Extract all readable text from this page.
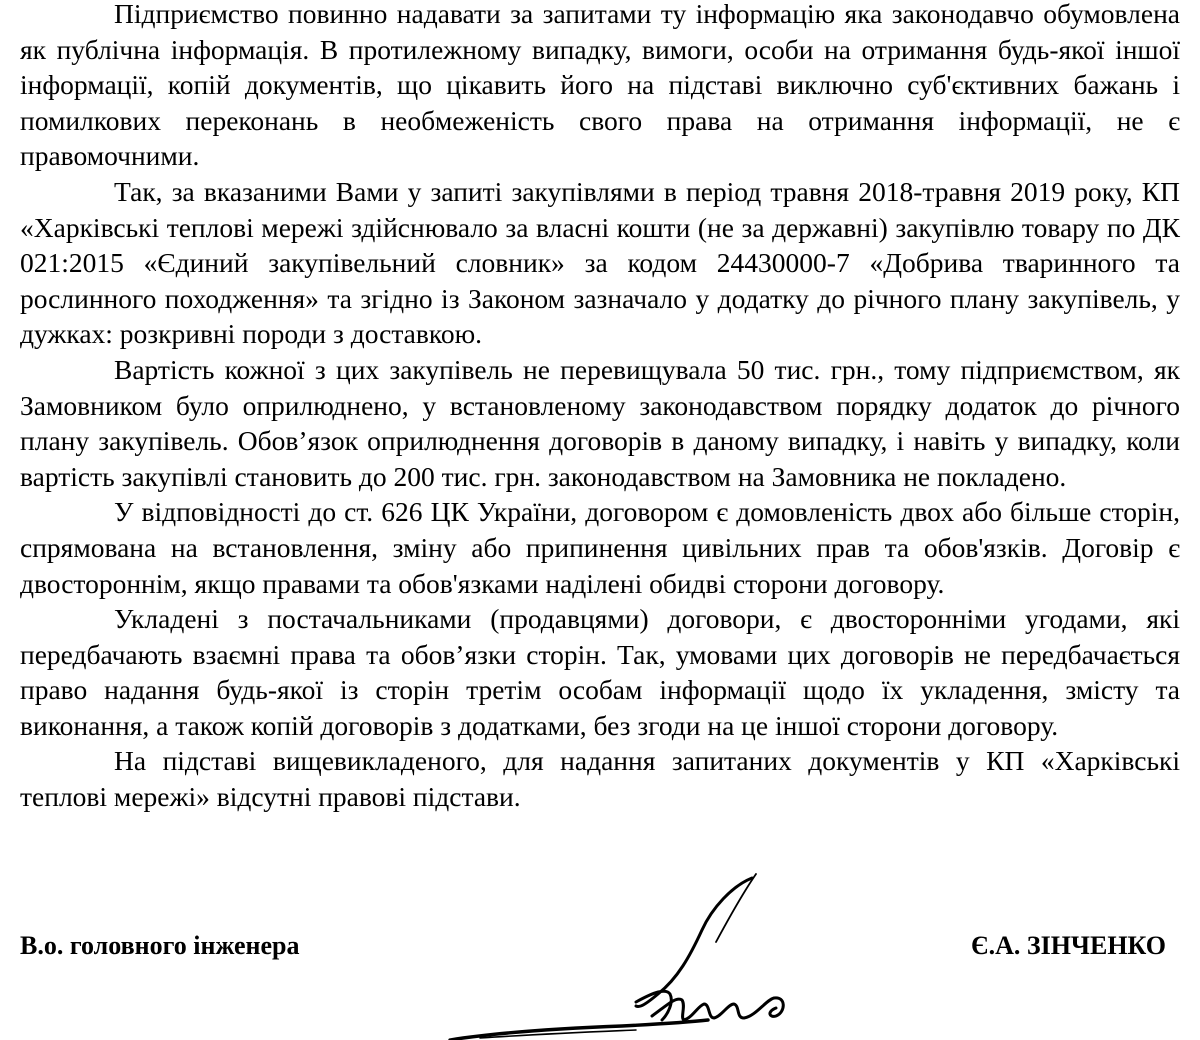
Підприємство повинно надавати за запитами ту інформацію яка законодавчо обумовлена як публічна інформація. В протилежному випадку, вимоги, особи на отримання будь-якої іншої інформації, копій документів, що цікавить його на підставі виключно суб'єктивних бажань і помилкових переконань в необмеженість свого права на отримання інформації, не є правомочними.

Так, за вказаними Вами у запиті закупівлями в період травня 2018-травня 2019 року, КП «Харківські теплові мережі здійснювало за власні кошти (не за державні) закупівлю товару по ДК 021:2015 «Єдиний закупівельний словник» за кодом 24430000-7 «Добрива тваринного та рослинного походження» та згідно із Законом зазначало у додатку до річного плану закупівель, у дужках: розкривні породи з доставкою.

Вартість кожної з цих закупівель не перевищувала 50 тис. грн., тому підприємством, як Замовником було оприлюднено, у встановленому законодавством порядку додаток до річного плану закупівель. Обов’язок оприлюднення договорів в даному випадку, і навіть у випадку, коли вартість закупівлі становить до 200 тис. грн. законодавством на Замовника не покладено.

У відповідності до ст. 626 ЦК України, договором є домовленість двох або більше сторін, спрямована на встановлення, зміну або припинення цивільних прав та обов'язків. Договір є двостороннім, якщо правами та обов'язками наділені обидві сторони договору.

Укладені з постачальниками (продавцями) договори, є двосторонніми угодами, які передбачають взаємні права та обов’язки сторін. Так, умовами цих договорів не передбачається право надання будь-якої із сторін третім особам інформації щодо їх укладення, змісту та виконання, а також копій договорів з додатками, без згоди на це іншої сторони договору.

На підставі вищевикладеного, для надання запитаних документів у КП «Харківські теплові мережі» відсутні правові підстави.

В.о. головного інженера	Є.А. ЗІНЧЕНКО
